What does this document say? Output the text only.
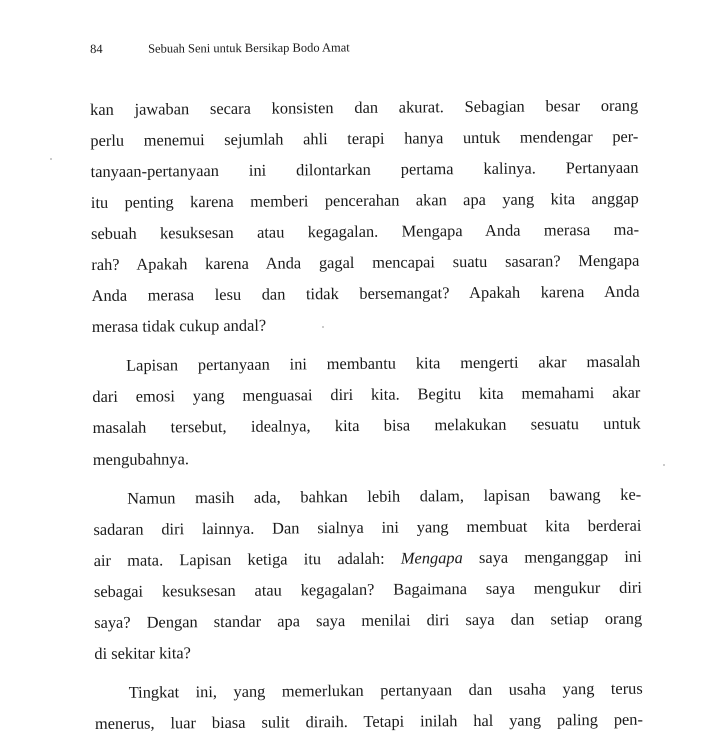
84	Sebuah Seni untuk Bersikap Bodo Amat
kan jawaban secara konsisten dan akurat. Sebagian besar orang
perlu menemui sejumlah ahli terapi hanya untuk mendengar per-
tanyaan-pertanyaan ini dilontarkan pertama kalinya. Pertanyaan
itu penting karena memberi pencerahan akan apa yang kita anggap
sebuah kesuksesan atau kegagalan. Mengapa Anda merasa ma-
rah? Apakah karena Anda gagal mencapai suatu sasaran? Mengapa
Anda merasa lesu dan tidak bersemangat? Apakah karena Anda
merasa tidak cukup andal?
Lapisan pertanyaan ini membantu kita mengerti akar masalah
dari emosi yang menguasai diri kita. Begitu kita memahami akar
masalah tersebut, idealnya, kita bisa melakukan sesuatu untuk
mengubahnya.
Namun masih ada, bahkan lebih dalam, lapisan bawang ke-
sadaran diri lainnya. Dan sialnya ini yang membuat kita berderai
air mata. Lapisan ketiga itu adalah: Mengapa saya menganggap ini
sebagai kesuksesan atau kegagalan? Bagaimana saya mengukur diri
saya? Dengan standar apa saya menilai diri saya dan setiap orang
di sekitar kita?
Tingkat ini, yang memerlukan pertanyaan dan usaha yang terus
menerus, luar biasa sulit diraih. Tetapi inilah hal yang paling pen-
